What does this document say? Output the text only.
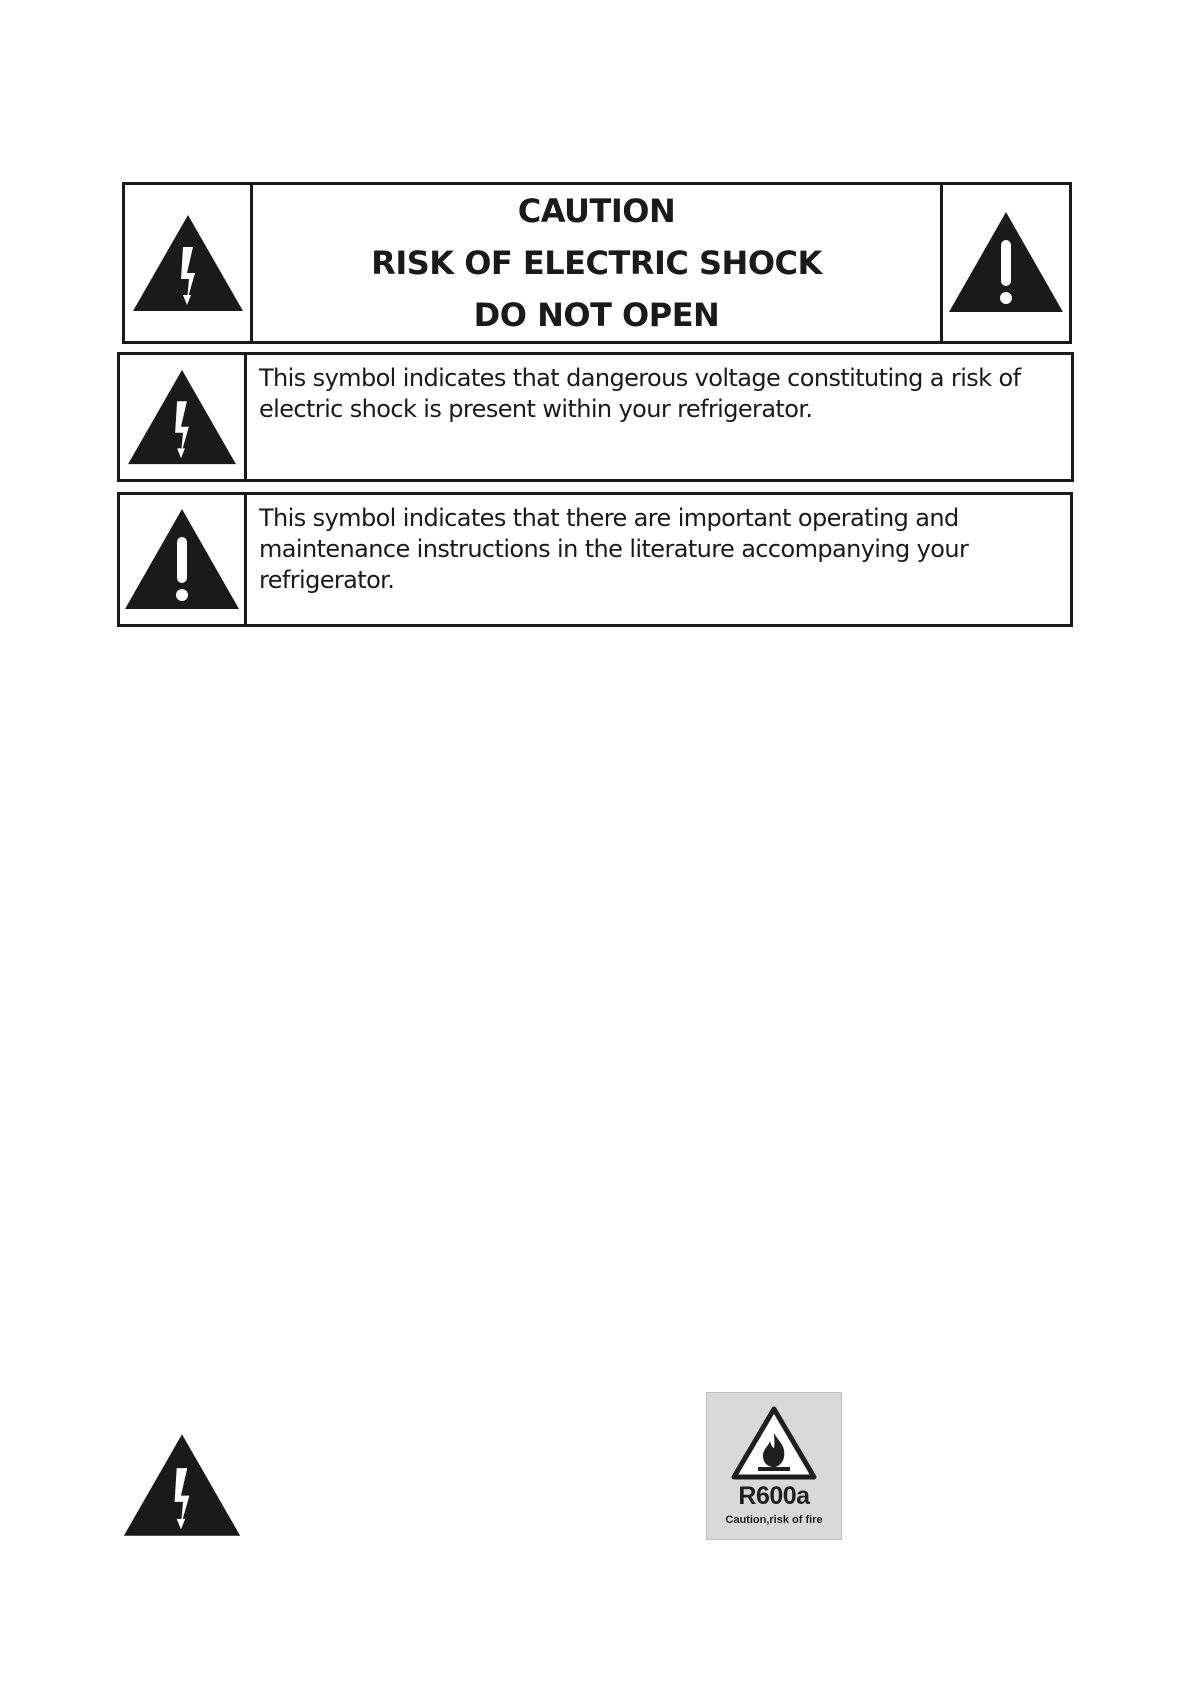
CAUTION
RISK OF ELECTRIC SHOCK
DO NOT OPEN
This symbol indicates that dangerous voltage constituting a risk of electric shock is present within your refrigerator.
This symbol indicates that there are important operating and maintenance instructions in the literature accompanying your refrigerator.
R600a
Caution,risk of fire
